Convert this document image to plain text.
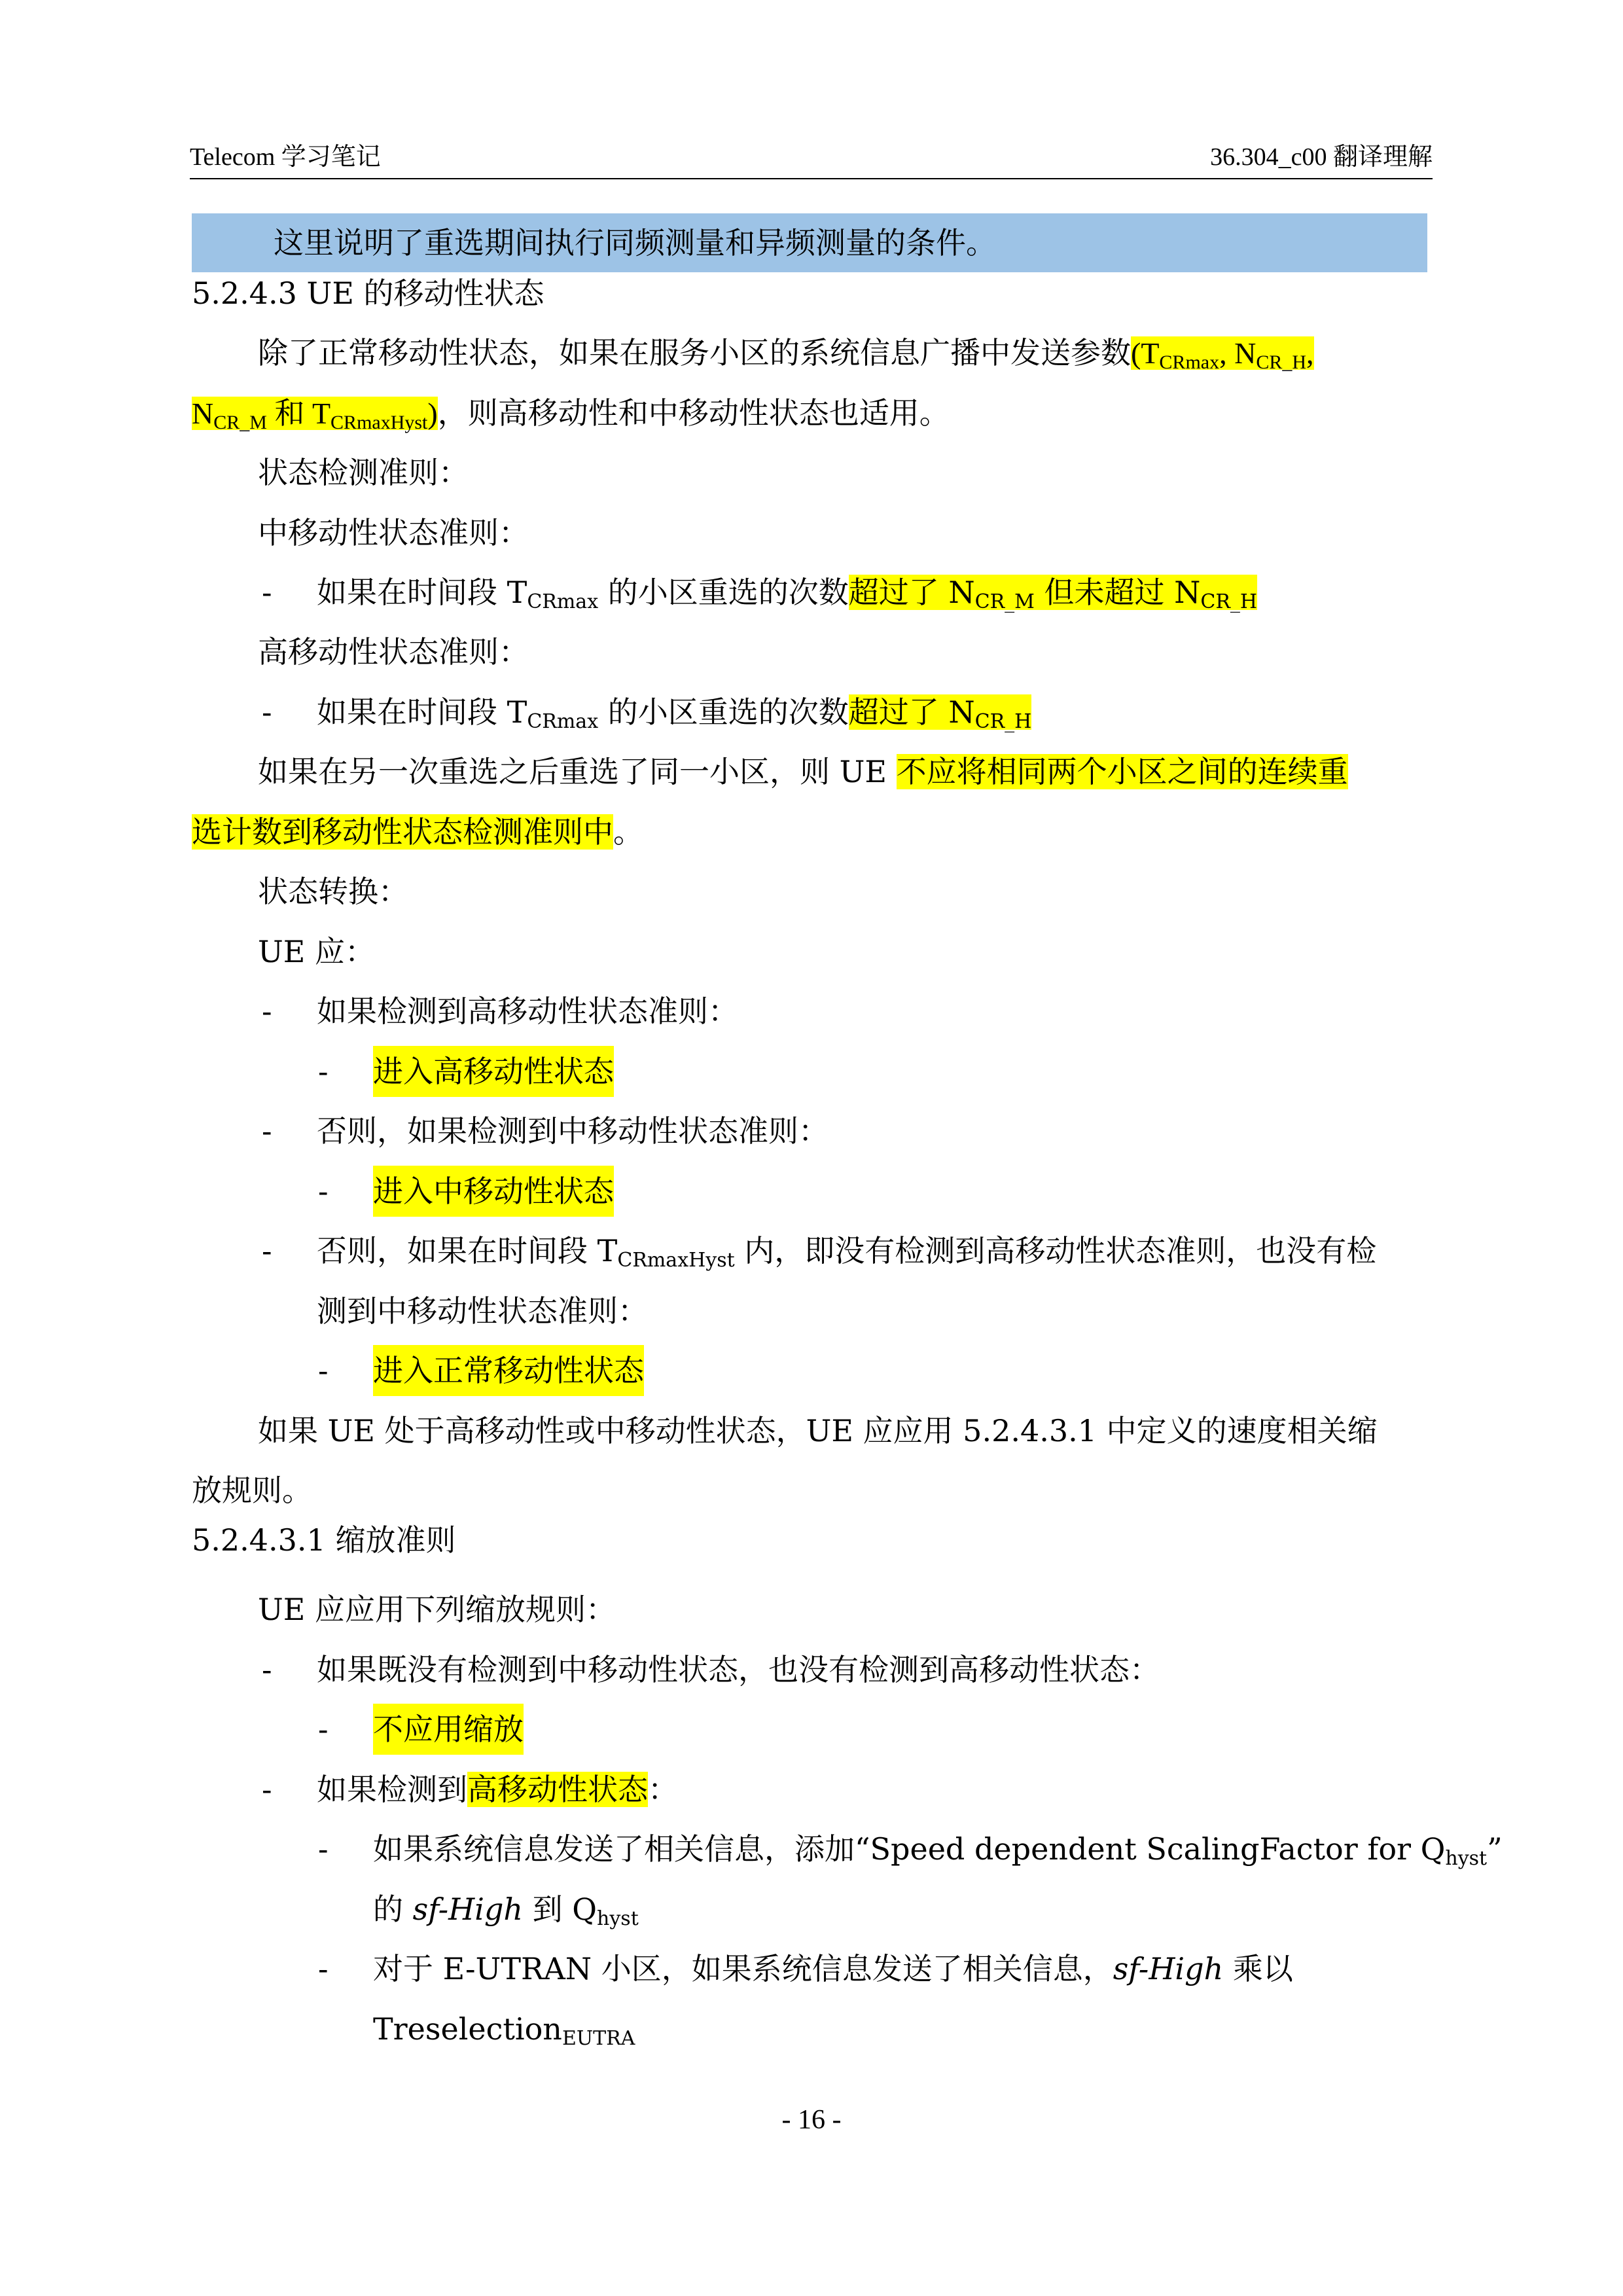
Telecom 学习笔记	36.304_c00 翻译理解
这里说明了重选期间执行同频测量和异频测量的条件。
5.2.4.3 UE 的移动性状态
除了正常移动性状态，如果在服务小区的系统信息广播中发送参数($T_{CRmax}$, $N_{CR\_H}$,
$N_{CR\_M}$ 和 $T_{CRmaxHyst}$)，则高移动性和中移动性状态也适用。
状态检测准则：
中移动性状态准则：
- 如果在时间段 $T_{CRmax}$ 的小区重选的次数超过了 $N_{CR\_M}$ 但未超过 $N_{CR\_H}$
高移动性状态准则：
- 如果在时间段 $T_{CRmax}$ 的小区重选的次数超过了 $N_{CR\_H}$
如果在另一次重选之后重选了同一小区，则 UE 不应将相同两个小区之间的连续重
选计数到移动性状态检测准则中。
状态转换：
UE 应：
- 如果检测到高移动性状态准则：
- 进入高移动性状态
- 否则，如果检测到中移动性状态准则：
- 进入中移动性状态
- 否则，如果在时间段 $T_{CRmaxHyst}$ 内，即没有检测到高移动性状态准则，也没有检
测到中移动性状态准则：
- 进入正常移动性状态
如果 UE 处于高移动性或中移动性状态，UE 应应用 5.2.4.3.1 中定义的速度相关缩
放规则。
5.2.4.3.1 缩放准则
UE 应应用下列缩放规则：
- 如果既没有检测到中移动性状态，也没有检测到高移动性状态：
- 不应用缩放
- 如果检测到高移动性状态：
- 如果系统信息发送了相关信息，添加“Speed dependent ScalingFactor for $Q_{hyst}$”
的 sf-High 到 $Q_{hyst}$
- 对于 E-UTRAN 小区，如果系统信息发送了相关信息，sf-High 乘以
Treselection$_{EUTRA}$
- 16 -
